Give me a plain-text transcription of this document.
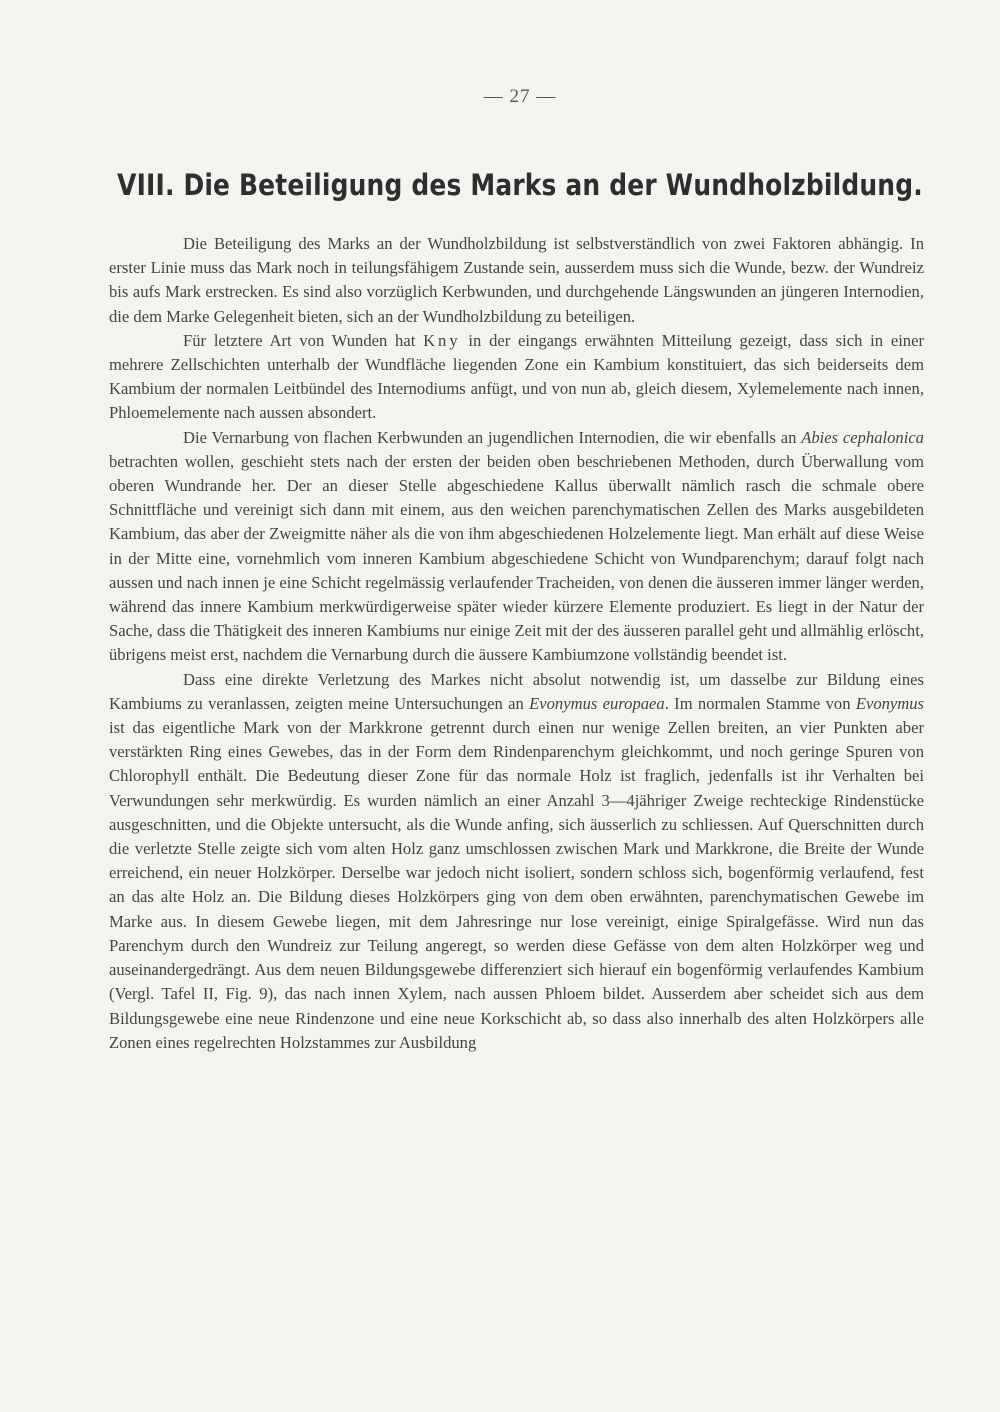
— 27 —
VIII. Die Beteiligung des Marks an der Wundholzbildung.

Die Beteiligung des Marks an der Wundholzbildung ist selbstverständlich von zwei Faktoren abhängig. In erster Linie muss das Mark noch in teilungsfähigem Zustande sein, ausserdem muss sich die Wunde, bezw. der Wundreiz bis aufs Mark erstrecken. Es sind also vorzüglich Kerbwunden, und durchgehende Längswunden an jüngeren Internodien, die dem Marke Gelegenheit bieten, sich an der Wundholzbildung zu beteiligen.

Für letztere Art von Wunden hat Kny in der eingangs erwähnten Mitteilung gezeigt, dass sich in einer mehrere Zellschichten unterhalb der Wundfläche liegenden Zone ein Kambium konstituiert, das sich beiderseits dem Kambium der normalen Leitbündel des Internodiums anfügt, und von nun ab, gleich diesem, Xylemelemente nach innen, Phloemelemente nach aussen absondert.

Die Vernarbung von flachen Kerbwunden an jugendlichen Internodien, die wir ebenfalls an Abies cephalonica betrachten wollen, geschieht stets nach der ersten der beiden oben beschriebenen Methoden, durch Überwallung vom oberen Wundrande her. Der an dieser Stelle abgeschiedene Kallus überwallt nämlich rasch die schmale obere Schnittfläche und vereinigt sich dann mit einem, aus den weichen parenchymatischen Zellen des Marks ausgebildeten Kambium, das aber der Zweigmitte näher als die von ihm abgeschiedenen Holzelemente liegt. Man erhält auf diese Weise in der Mitte eine, vornehmlich vom inneren Kambium abgeschiedene Schicht von Wundparenchym; darauf folgt nach aussen und nach innen je eine Schicht regelmässig verlaufender Tracheiden, von denen die äusseren immer länger werden, während das innere Kambium merkwürdigerweise später wieder kürzere Elemente produziert. Es liegt in der Natur der Sache, dass die Thätigkeit des inneren Kambiums nur einige Zeit mit der des äusseren parallel geht und allmählig erlöscht, übrigens meist erst, nachdem die Vernarbung durch die äussere Kambiumzone vollständig beendet ist.

Dass eine direkte Verletzung des Markes nicht absolut notwendig ist, um dasselbe zur Bildung eines Kambiums zu veranlassen, zeigten meine Untersuchungen an Evonymus europaea. Im normalen Stamme von Evonymus ist das eigentliche Mark von der Markkrone getrennt durch einen nur wenige Zellen breiten, an vier Punkten aber verstärkten Ring eines Gewebes, das in der Form dem Rindenparenchym gleichkommt, und noch geringe Spuren von Chlorophyll enthält. Die Bedeutung dieser Zone für das normale Holz ist fraglich, jedenfalls ist ihr Verhalten bei Verwundungen sehr merkwürdig. Es wurden nämlich an einer Anzahl 3—4jähriger Zweige rechteckige Rindenstücke ausgeschnitten, und die Objekte untersucht, als die Wunde anfing, sich äusserlich zu schliessen. Auf Querschnitten durch die verletzte Stelle zeigte sich vom alten Holz ganz umschlossen zwischen Mark und Markkrone, die Breite der Wunde erreichend, ein neuer Holzkörper. Derselbe war jedoch nicht isoliert, sondern schloss sich, bogenförmig verlaufend, fest an das alte Holz an. Die Bildung dieses Holzkörpers ging von dem oben erwähnten, parenchymatischen Gewebe im Marke aus. In diesem Gewebe liegen, mit dem Jahresringe nur lose vereinigt, einige Spiralgefässe. Wird nun das Parenchym durch den Wundreiz zur Teilung angeregt, so werden diese Gefässe von dem alten Holzkörper weg und auseinandergedrängt. Aus dem neuen Bildungsgewebe differenziert sich hierauf ein bogenförmig verlaufendes Kambium (Vergl. Tafel II, Fig. 9), das nach innen Xylem, nach aussen Phloem bildet. Ausserdem aber scheidet sich aus dem Bildungsgewebe eine neue Rindenzone und eine neue Korkschicht ab, so dass also innerhalb des alten Holzkörpers alle Zonen eines regelrechten Holzstammes zur Ausbildung
